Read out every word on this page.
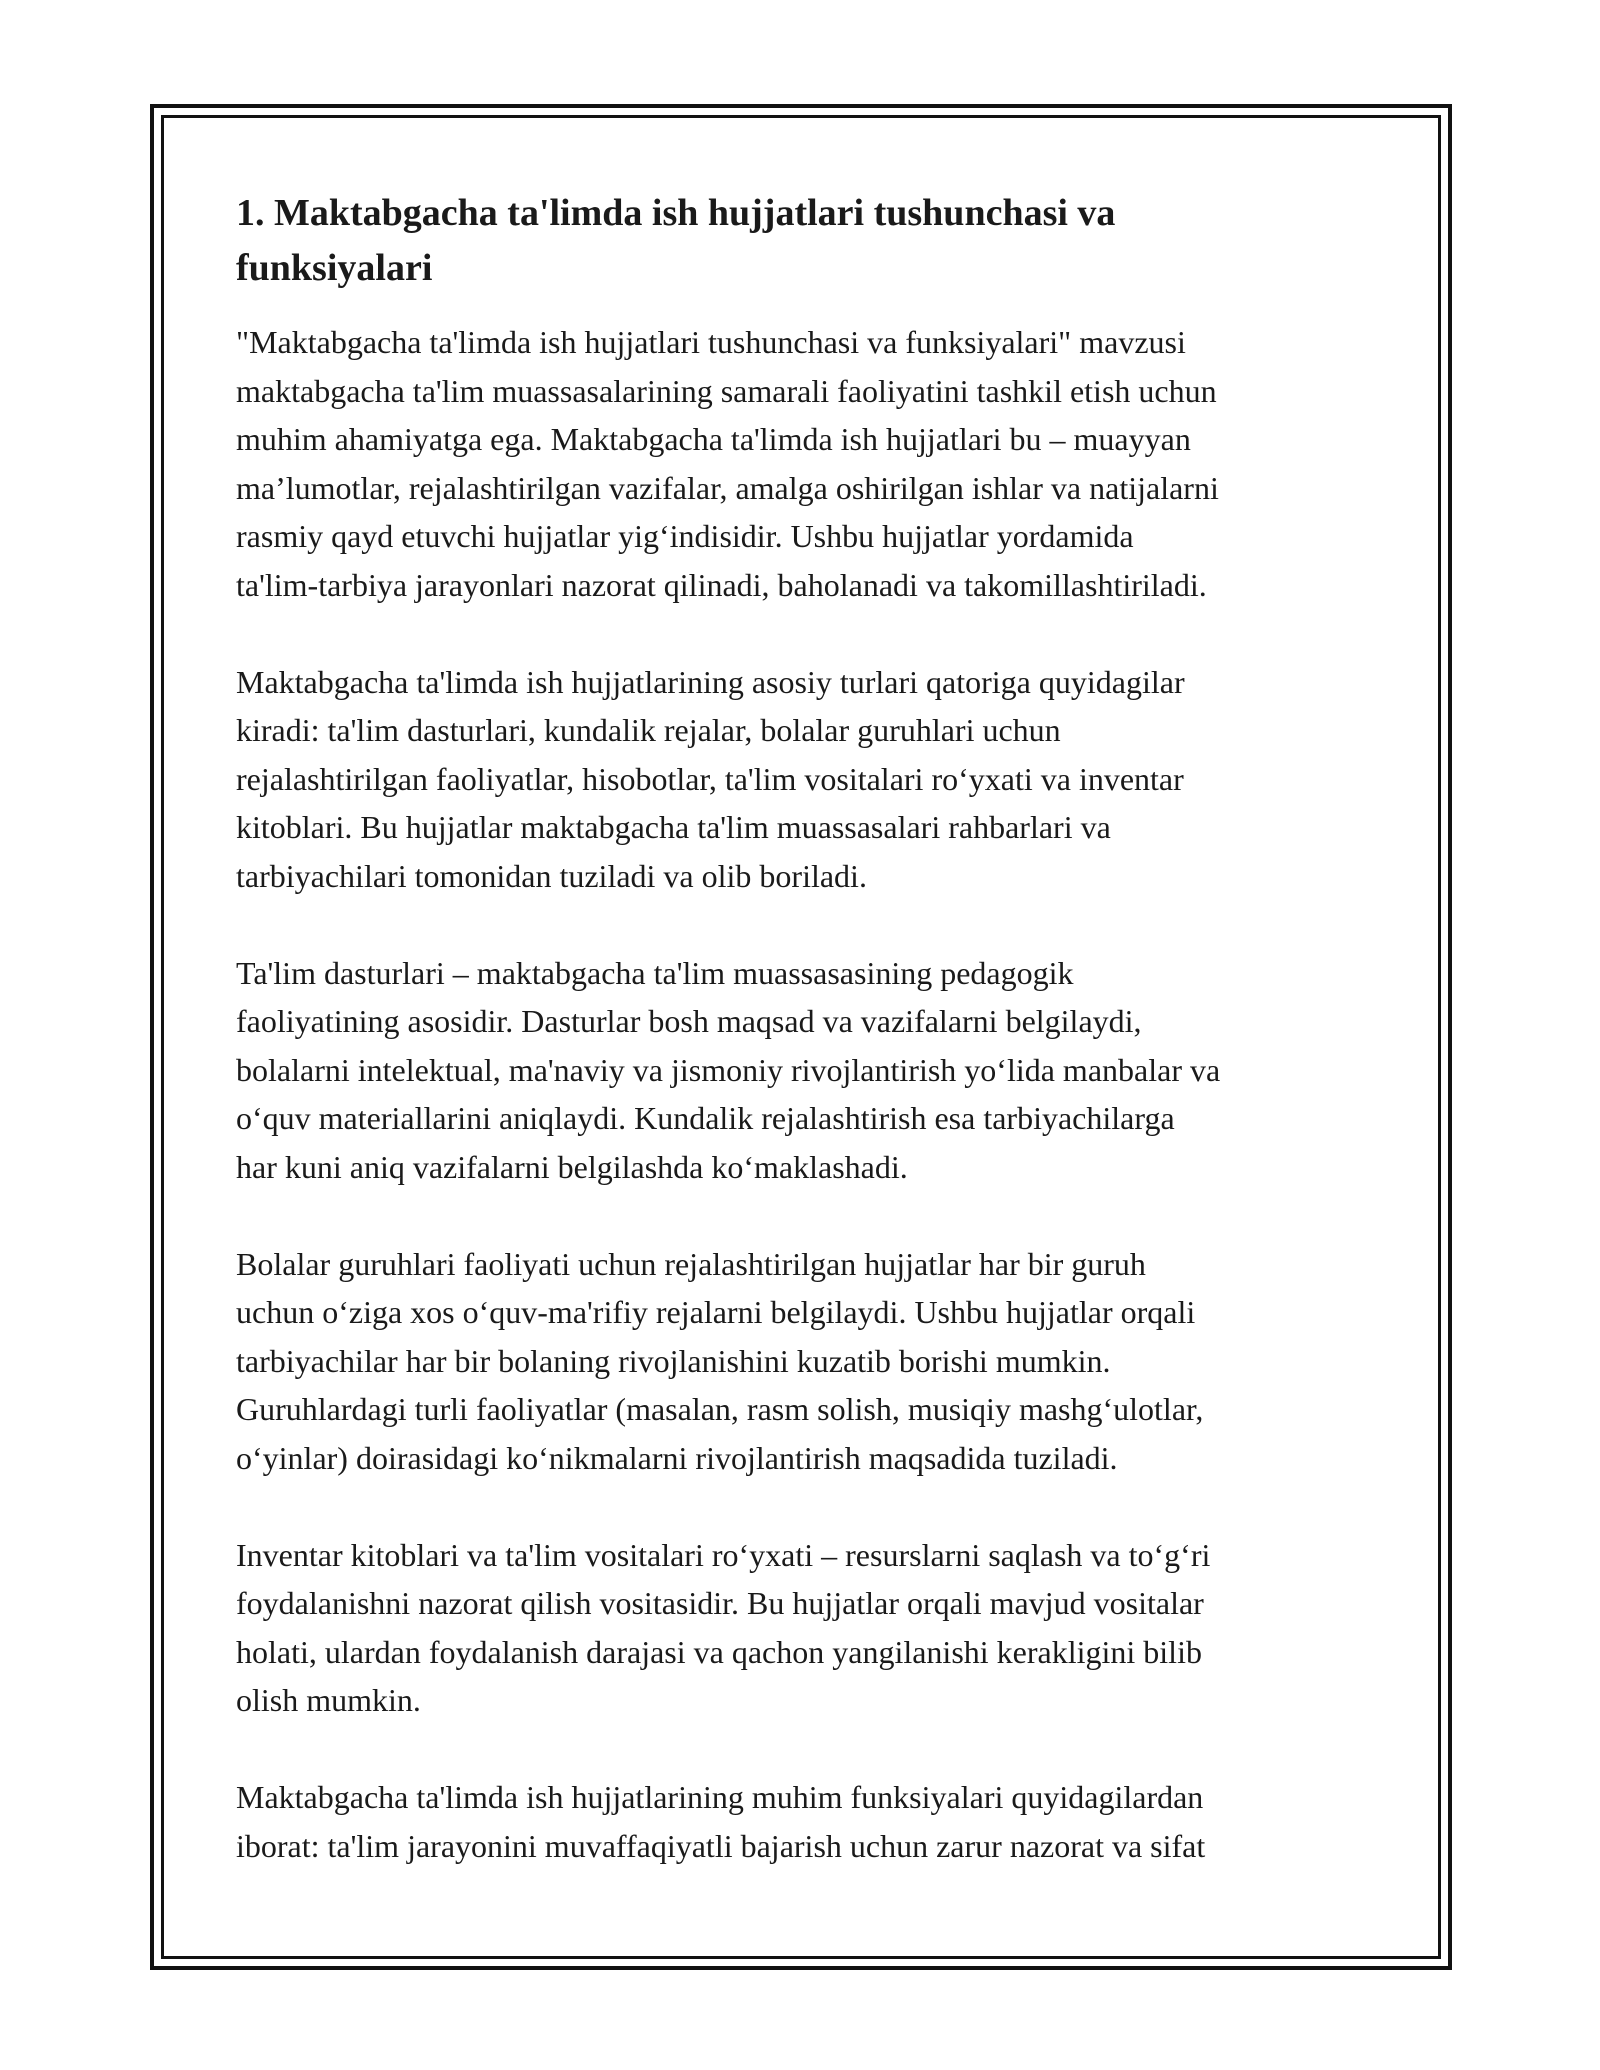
1. Maktabgacha ta'limda ish hujjatlari tushunchasi va
funksiyalari

"Maktabgacha ta'limda ish hujjatlari tushunchasi va funksiyalari" mavzusi
maktabgacha ta'lim muassasalarining samarali faoliyatini tashkil etish uchun
muhim ahamiyatga ega. Maktabgacha ta'limda ish hujjatlari bu – muayyan
ma’lumotlar, rejalashtirilgan vazifalar, amalga oshirilgan ishlar va natijalarni
rasmiy qayd etuvchi hujjatlar yig‘indisidir. Ushbu hujjatlar yordamida
ta'lim-tarbiya jarayonlari nazorat qilinadi, baholanadi va takomillashtiriladi.

Maktabgacha ta'limda ish hujjatlarining asosiy turlari qatoriga quyidagilar
kiradi: ta'lim dasturlari, kundalik rejalar, bolalar guruhlari uchun
rejalashtirilgan faoliyatlar, hisobotlar, ta'lim vositalari ro‘yxati va inventar
kitoblari. Bu hujjatlar maktabgacha ta'lim muassasalari rahbarlari va
tarbiyachilari tomonidan tuziladi va olib boriladi.

Ta'lim dasturlari – maktabgacha ta'lim muassasasining pedagogik
faoliyatining asosidir. Dasturlar bosh maqsad va vazifalarni belgilaydi,
bolalarni intelektual, ma'naviy va jismoniy rivojlantirish yo‘lida manbalar va
o‘quv materiallarini aniqlaydi. Kundalik rejalashtirish esa tarbiyachilarga
har kuni aniq vazifalarni belgilashda ko‘maklashadi.

Bolalar guruhlari faoliyati uchun rejalashtirilgan hujjatlar har bir guruh
uchun o‘ziga xos o‘quv-ma'rifiy rejalarni belgilaydi. Ushbu hujjatlar orqali
tarbiyachilar har bir bolaning rivojlanishini kuzatib borishi mumkin.
Guruhlardagi turli faoliyatlar (masalan, rasm solish, musiqiy mashg‘ulotlar,
o‘yinlar) doirasidagi ko‘nikmalarni rivojlantirish maqsadida tuziladi.

Inventar kitoblari va ta'lim vositalari ro‘yxati – resurslarni saqlash va to‘g‘ri
foydalanishni nazorat qilish vositasidir. Bu hujjatlar orqali mavjud vositalar
holati, ulardan foydalanish darajasi va qachon yangilanishi kerakligini bilib
olish mumkin.

Maktabgacha ta'limda ish hujjatlarining muhim funksiyalari quyidagilardan
iborat: ta'lim jarayonini muvaffaqiyatli bajarish uchun zarur nazorat va sifat
